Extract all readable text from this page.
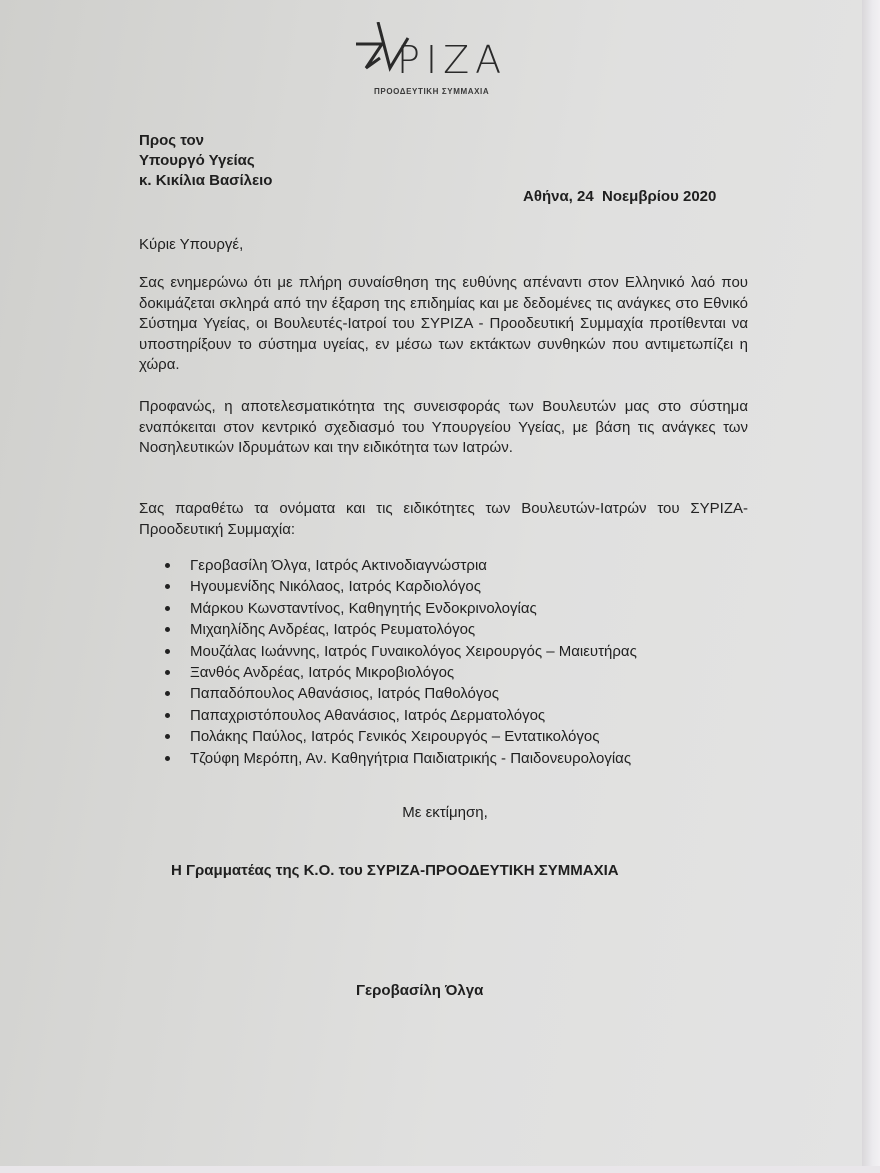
ΡΙΖΑ
ΠΡΟΟΔΕΥΤΙΚΗ ΣΥΜΜΑΧΙΑ
Προς τον
Υπουργό Υγείας
κ. Κικίλια Βασίλειο
Αθήνα, 24  Νοεμβρίου 2020
Κύριε Υπουργέ,
Σας ενημερώνω ότι με πλήρη συναίσθηση της ευθύνης απέναντι στον Ελληνικό λαό που δοκιμάζεται σκληρά από την έξαρση της επιδημίας και με δεδομένες τις ανάγκες στο Εθνικό Σύστημα Υγείας, οι Βουλευτές-Ιατροί του ΣΥΡΙΖΑ - Προοδευτική Συμμαχία προτίθενται να υποστηρίξουν το σύστημα υγείας, εν μέσω των εκτάκτων συνθηκών που αντιμετωπίζει η χώρα.
Προφανώς, η αποτελεσματικότητα της συνεισφοράς των Βουλευτών μας στο σύστημα εναπόκειται στον κεντρικό σχεδιασμό του Υπουργείου Υγείας, με βάση τις ανάγκες των Νοσηλευτικών Ιδρυμάτων και την ειδικότητα των Ιατρών.
Σας παραθέτω τα ονόματα και τις ειδικότητες των Βουλευτών-Ιατρών του ΣΥΡΙΖΑ-Προοδευτική Συμμαχία:
Γεροβασίλη Όλγα, Ιατρός Ακτινοδιαγνώστρια
Ηγουμενίδης Νικόλαος, Ιατρός Καρδιολόγος
Μάρκου Κωνσταντίνος, Καθηγητής Ενδοκρινολογίας
Μιχαηλίδης Ανδρέας, Ιατρός Ρευματολόγος
Μουζάλας Ιωάννης, Ιατρός Γυναικολόγος Χειρουργός – Μαιευτήρας
Ξανθός Ανδρέας, Ιατρός Μικροβιολόγος
Παπαδόπουλος Αθανάσιος, Ιατρός Παθολόγος
Παπαχριστόπουλος Αθανάσιος, Ιατρός Δερματολόγος
Πολάκης Παύλος, Ιατρός Γενικός Χειρουργός – Εντατικολόγος
Τζούφη Μερόπη, Αν. Καθηγήτρια Παιδιατρικής - Παιδονευρολογίας
Με εκτίμηση,
Η Γραμματέας της Κ.Ο. του ΣΥΡΙΖΑ-ΠΡΟΟΔΕΥΤΙΚΗ ΣΥΜΜΑΧΙΑ
Γεροβασίλη Όλγα
